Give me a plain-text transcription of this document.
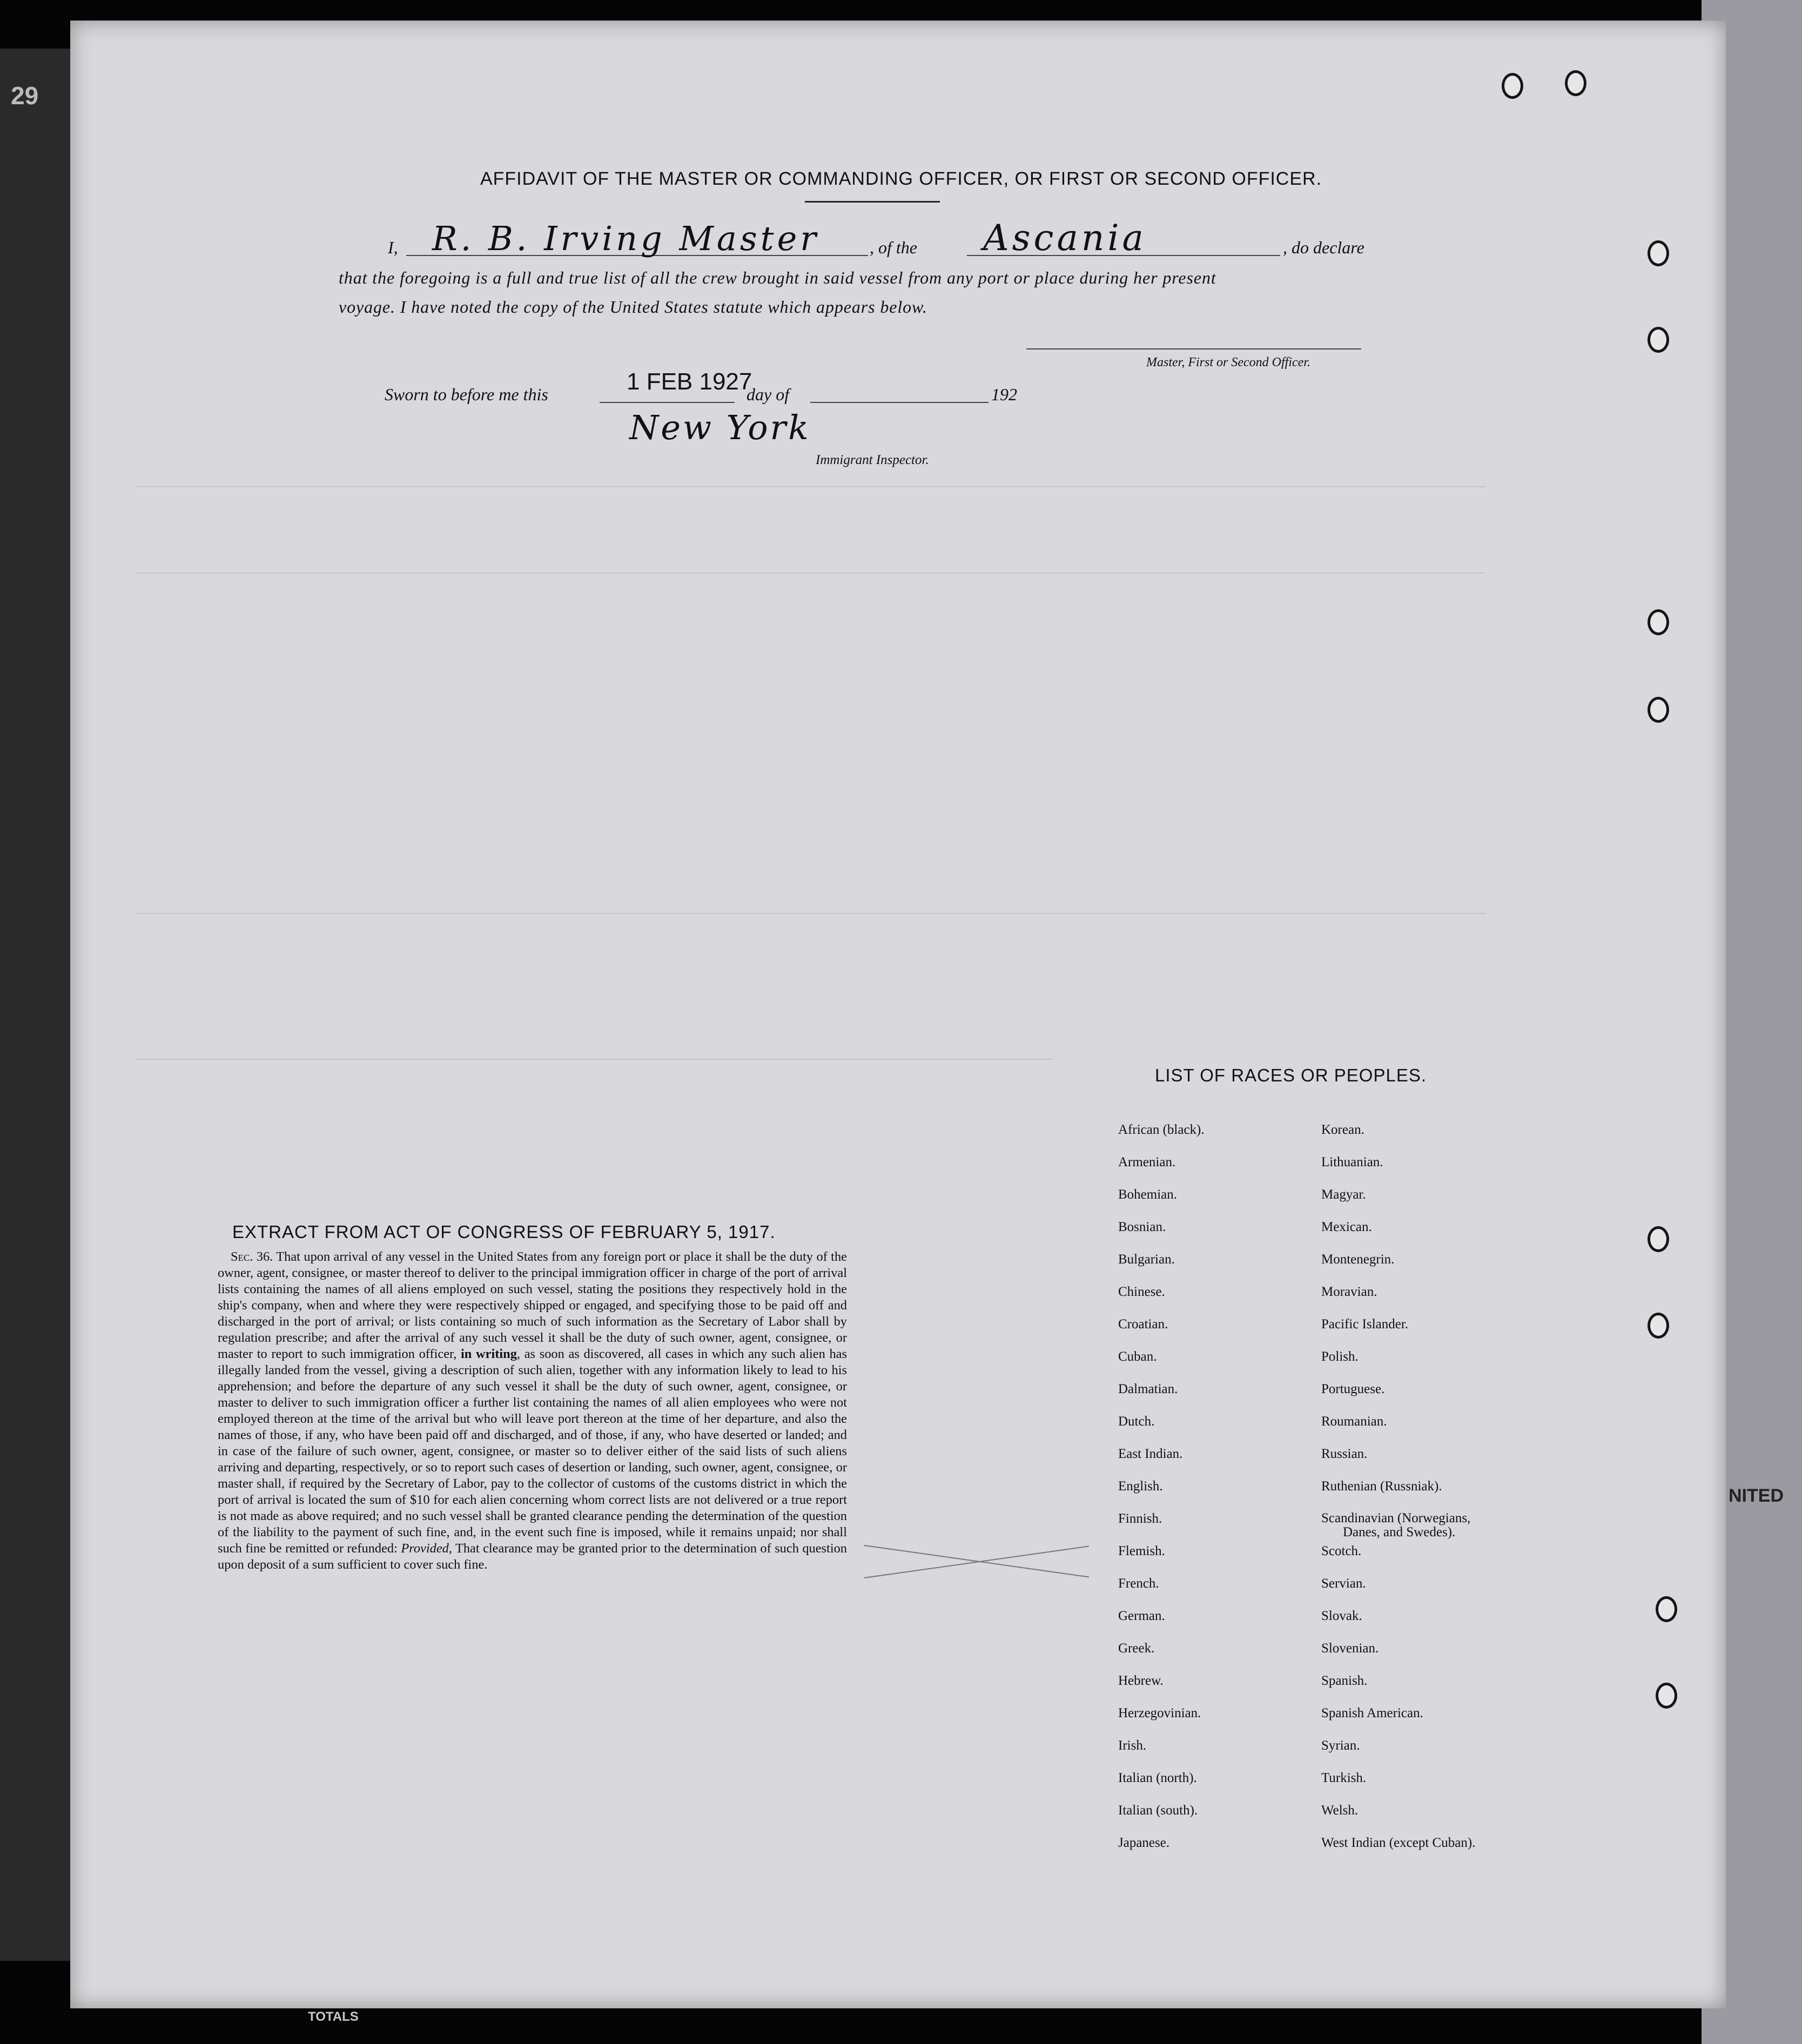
29
NITED
AFFIDAVIT OF THE MASTER OR COMMANDING OFFICER, OR FIRST OR SECOND OFFICER.
I, R. B. Irving Master	, of the Ascania	, do declare
that the foregoing is a full and true list of all the crew brought in said vessel from any port or place during her present
voyage. I have noted the copy of the United States statute which appears below.
Master, First or Second Officer.
Sworn to before me this	1 FEB 1927
day of	192
New York
Immigrant Inspector.
EXTRACT FROM ACT OF CONGRESS OF FEBRUARY 5, 1917.
Sec. 36. That upon arrival of any vessel in the United States from any foreign port or place it shall be the duty of the owner, agent, consignee, or master thereof to deliver to the principal immigration officer in charge of the port of arrival lists containing the names of all aliens employed on such vessel, stating the positions they respectively hold in the ship's company, when and where they were respectively shipped or engaged, and specifying those to be paid off and discharged in the port of arrival; or lists containing so much of such information as the Secretary of Labor shall by regulation prescribe; and after the arrival of any such vessel it shall be the duty of such owner, agent, consignee, or master to report to such immigration officer, in writing, as soon as discovered, all cases in which any such alien has illegally landed from the vessel, giving a description of such alien, together with any information likely to lead to his apprehension; and before the departure of any such vessel it shall be the duty of such owner, agent, consignee, or master to deliver to such immigration officer a further list containing the names of all alien employees who were not employed thereon at the time of the arrival but who will leave port thereon at the time of her departure, and also the names of those, if any, who have been paid off and discharged, and of those, if any, who have deserted or landed; and in case of the failure of such owner, agent, consignee, or master so to deliver either of the said lists of such aliens arriving and departing, respectively, or so to report such cases of desertion or landing, such owner, agent, consignee, or master shall, if required by the Secretary of Labor, pay to the collector of customs of the customs district in which the port of arrival is located the sum of $10 for each alien concerning whom correct lists are not delivered or a true report is not made as above required; and no such vessel shall be granted clearance pending the determination of the question of the liability to the payment of such fine, and, in the event such fine is imposed, while it remains unpaid; nor shall such fine be remitted or refunded: Provided, That clearance may be granted prior to the determination of such question upon deposit of a sum sufficient to cover such fine.
LIST OF RACES OR PEOPLES.
African (black).
Armenian.
Bohemian.
Bosnian.
Bulgarian.
Chinese.
Croatian.
Cuban.
Dalmatian.
Dutch.
East Indian.
English.
Finnish.
Flemish.
French.
German.
Greek.
Hebrew.
Herzegovinian.
Irish.
Italian (north).
Italian (south).
Japanese.
Korean.
Lithuanian.
Magyar.
Mexican.
Montenegrin.
Moravian.
Pacific Islander.
Polish.
Portuguese.
Roumanian.
Russian.
Ruthenian (Russniak).
Scandinavian (Norwegians,
Danes, and Swedes).
Scotch.
Servian.
Slovak.
Slovenian.
Spanish.
Spanish American.
Syrian.
Turkish.
Welsh.
West Indian (except Cuban).
TOTALS
